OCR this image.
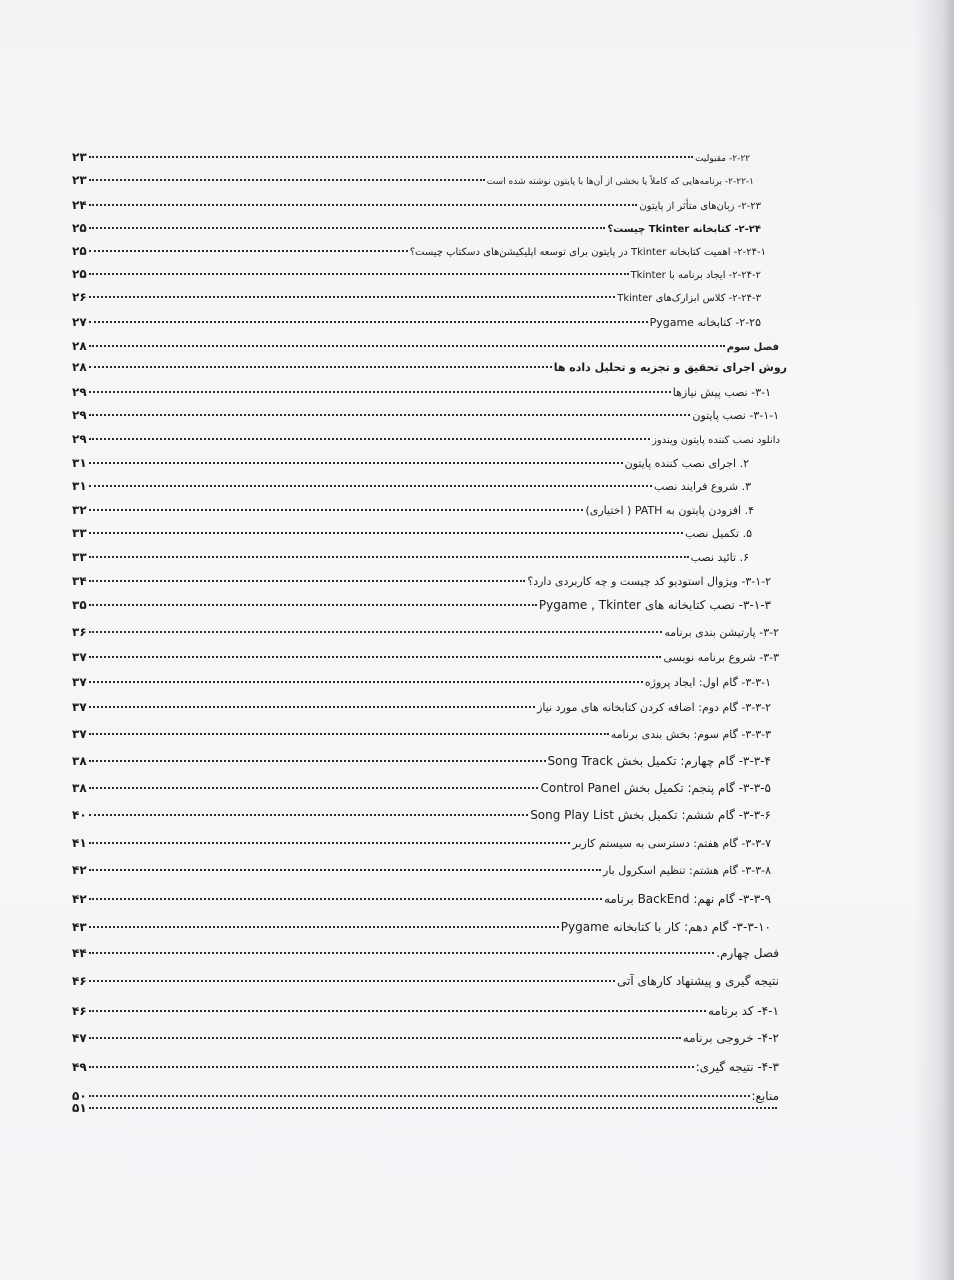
۲-۲۲- مقبولیت
۲۳
۲-۲۲-۱- برنامه‌هایی که کاملاً یا بخشی از آن‌ها با پایتون نوشته شده است
۲۳
۲-۲۳- زبان‌های متأثر از پایتون
۲۴
۲-۲۴- کتابخانه Tkinter چیست؟
۲۵
۲-۲۴-۱- اهمیت کتابخانه Tkinter در پایتون برای توسعه اپلیکیشن‌های دسکتاپ چیست؟
۲۵
۲-۲۴-۲- ایجاد برنامه با Tkinter
۲۵
۲-۲۴-۳- کلاس ابزارک‌های Tkinter
۲۶
۲-۲۵- کتابخانه Pygame
۲۷
فصل سوم
۲۸
روش اجرای تحقیق و تجزیه و تحلیل داده ها
۲۸
۳-۱- نصب پیش نیازها
۲۹
۳-۱-۱- نصب پایتون
۲۹
دانلود نصب کننده پایتون ویندوز
۲۹
۲. اجرای نصب کننده پایتون
۳۱
۳. شروع فرایند نصب
۳۱
۴. افزودن پایتون به PATH ( اختیاری)
۳۲
۵. تکمیل نصب
۳۳
۶. تائید نصب
۳۳
۳-۱-۲- ویژوال استودیو کد چیست و چه کاربردی دارد؟
۳۴
۳-۱-۳- نصب کتابخانه های Pygame , Tkinter
۳۵
۳-۲- پارتیشن بندی برنامه
۳۶
۳-۳- شروع برنامه نویسی
۳۷
۳-۳-۱- گام اول: ایجاد پروژه
۳۷
۳-۳-۲- گام دوم: اضافه کردن کتابخانه های مورد نیاز
۳۷
۳-۳-۳- گام سوم: بخش بندی برنامه
۳۷
۳-۳-۴- گام چهارم: تکمیل بخش Song Track
۳۸
۳-۳-۵- گام پنجم: تکمیل بخش Control Panel
۳۸
۳-۳-۶- گام ششم: تکمیل بخش Song Play List
۴۰
۳-۳-۷- گام هفتم: دسترسی به سیستم کاربر
۴۱
۳-۳-۸- گام هشتم: تنظیم اسکرول بار
۴۲
۳-۳-۹- گام نهم: BackEnd برنامه
۴۲
۳-۳-۱۰- گام دهم: کار با کتابخانه Pygame
۴۳
فصل چهارم.
۴۴
نتیجه گیری و پیشنهاد کارهای آتی
۴۶
۴-۱- کد برنامه
۴۶
۴-۲- خروجی برنامه
۴۷
۴-۳- نتیجه گیری:
۴۹
منابع:
۵۰
۵۱
